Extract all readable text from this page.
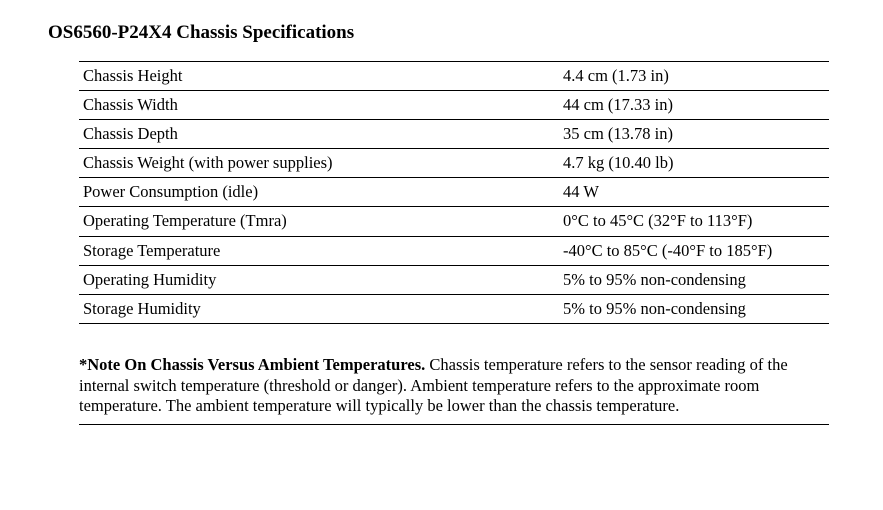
OS6560-P24X4 Chassis Specifications
Chassis Height	4.4 cm (1.73 in)
Chassis Width	44 cm (17.33 in)
Chassis Depth	35 cm (13.78 in)
Chassis Weight (with power supplies)	4.7 kg (10.40 lb)
Power Consumption (idle)	44 W
Operating Temperature (Tmra)	0°C to 45°C (32°F to 113°F)
Storage Temperature	-40°C to 85°C (-40°F to 185°F)
Operating Humidity	5% to 95% non-condensing
Storage Humidity	5% to 95% non-condensing
*Note On Chassis Versus Ambient Temperatures. Chassis temperature refers to the sensor reading of the internal switch temperature (threshold or danger). Ambient temperature refers to the approximate room temperature. The ambient temperature will typically be lower than the chassis temperature.
